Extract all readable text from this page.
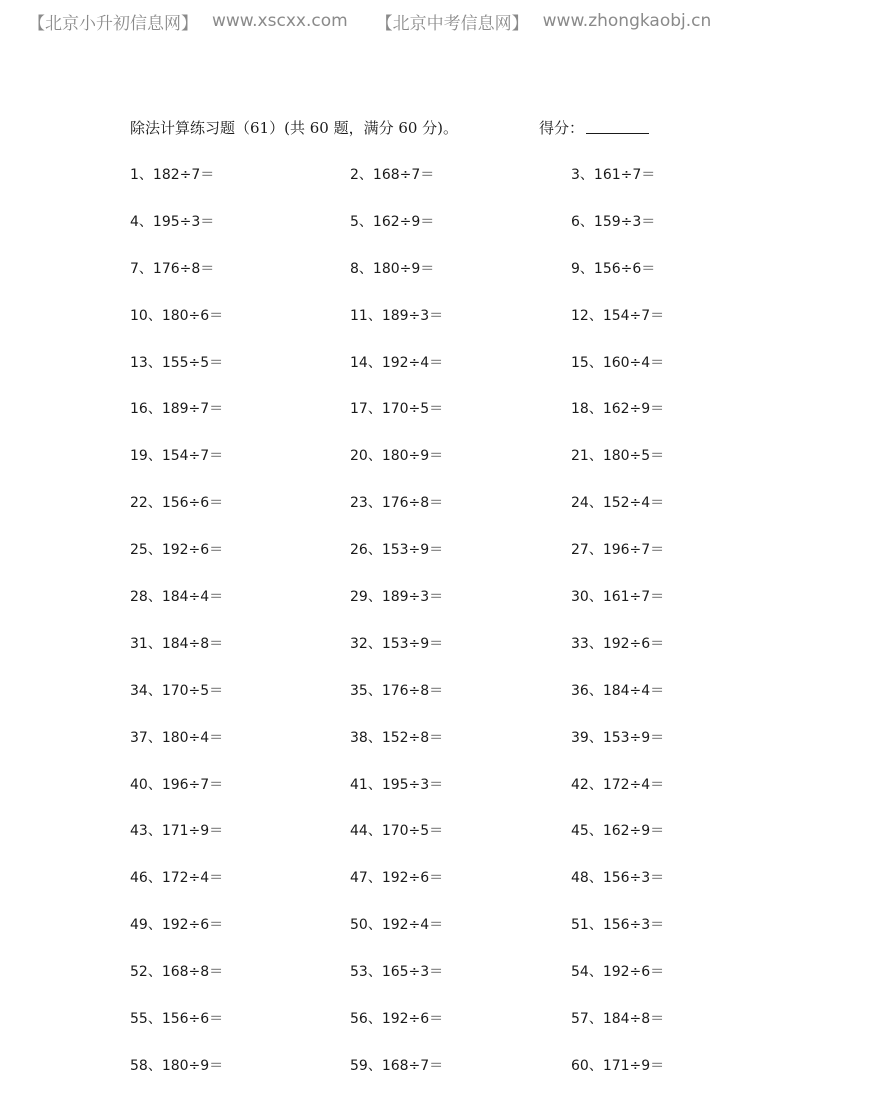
【北京小升初信息网】 www.xscxx.com 【北京中考信息网】 www.zhongkaobj.cn
除法计算练习题（61）(共 60 题，满分 60 分)。	得分：
1、182÷7＝	2、168÷7＝	3、161÷7＝
4、195÷3＝	5、162÷9＝	6、159÷3＝
7、176÷8＝	8、180÷9＝	9、156÷6＝
10、180÷6＝	11、189÷3＝	12、154÷7＝
13、155÷5＝	14、192÷4＝	15、160÷4＝
16、189÷7＝	17、170÷5＝	18、162÷9＝
19、154÷7＝	20、180÷9＝	21、180÷5＝
22、156÷6＝	23、176÷8＝	24、152÷4＝
25、192÷6＝	26、153÷9＝	27、196÷7＝
28、184÷4＝	29、189÷3＝	30、161÷7＝
31、184÷8＝	32、153÷9＝	33、192÷6＝
34、170÷5＝	35、176÷8＝	36、184÷4＝
37、180÷4＝	38、152÷8＝	39、153÷9＝
40、196÷7＝	41、195÷3＝	42、172÷4＝
43、171÷9＝	44、170÷5＝	45、162÷9＝
46、172÷4＝	47、192÷6＝	48、156÷3＝
49、192÷6＝	50、192÷4＝	51、156÷3＝
52、168÷8＝	53、165÷3＝	54、192÷6＝
55、156÷6＝	56、192÷6＝	57、184÷8＝
58、180÷9＝	59、168÷7＝	60、171÷9＝
